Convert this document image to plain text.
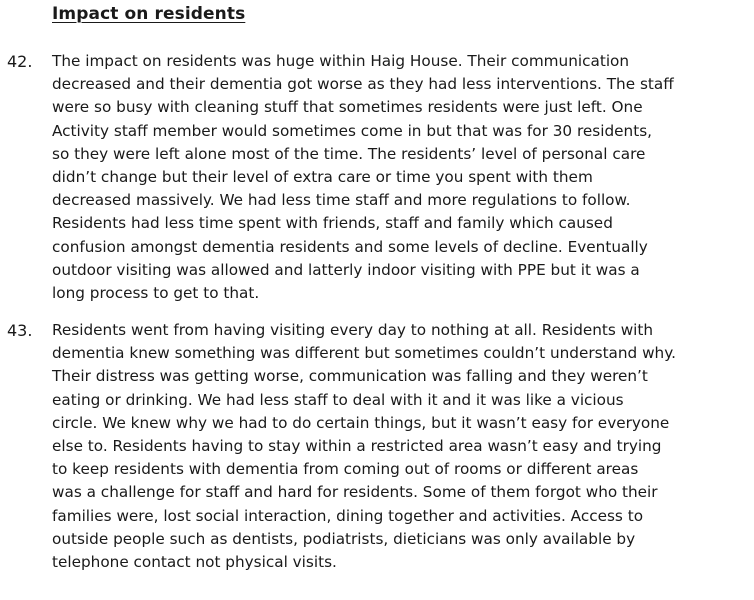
Impact on residents
42. The impact on residents was huge within Haig House. Their communication
decreased and their dementia got worse as they had less interventions. The staff
were so busy with cleaning stuff that sometimes residents were just left. One
Activity staff member would sometimes come in but that was for 30 residents,
so they were left alone most of the time. The residents’ level of personal care
didn’t change but their level of extra care or time you spent with them
decreased massively. We had less time staff and more regulations to follow.
Residents had less time spent with friends, staff and family which caused
confusion amongst dementia residents and some levels of decline. Eventually
outdoor visiting was allowed and latterly indoor visiting with PPE but it was a
long process to get to that.
43. Residents went from having visiting every day to nothing at all. Residents with
dementia knew something was different but sometimes couldn’t understand why.
Their distress was getting worse, communication was falling and they weren’t
eating or drinking. We had less staff to deal with it and it was like a vicious
circle. We knew why we had to do certain things, but it wasn’t easy for everyone
else to. Residents having to stay within a restricted area wasn’t easy and trying
to keep residents with dementia from coming out of rooms or different areas
was a challenge for staff and hard for residents. Some of them forgot who their
families were, lost social interaction, dining together and activities. Access to
outside people such as dentists, podiatrists, dieticians was only available by
telephone contact not physical visits.
